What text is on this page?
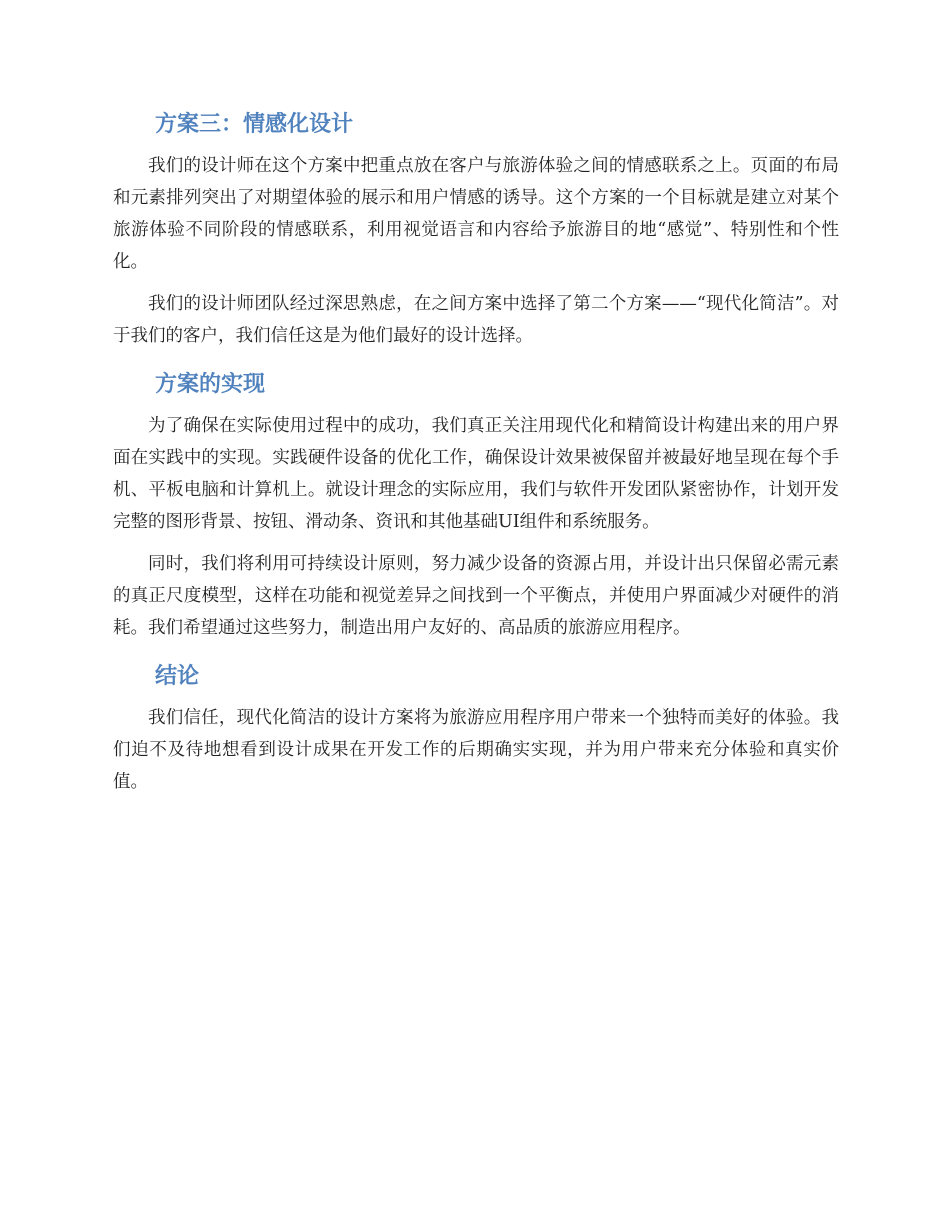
方案三：情感化设计

我们的设计师在这个方案中把重点放在客户与旅游体验之间的情感联系之上。页面的布局和元素排列突出了对期望体验的展示和用户情感的诱导。这个方案的一个目标就是建立对某个旅游体验不同阶段的情感联系，利用视觉语言和内容给予旅游目的地“感觉”、特别性和个性化。

我们的设计师团队经过深思熟虑，在之间方案中选择了第二个方案——“现代化简洁”。对于我们的客户，我们信任这是为他们最好的设计选择。

方案的实现

为了确保在实际使用过程中的成功，我们真正关注用现代化和精简设计构建出来的用户界面在实践中的实现。实践硬件设备的优化工作，确保设计效果被保留并被最好地呈现在每个手机、平板电脑和计算机上。就设计理念的实际应用，我们与软件开发团队紧密协作，计划开发完整的图形背景、按钮、滑动条、资讯和其他基础UI组件和系统服务。

同时，我们将利用可持续设计原则，努力减少设备的资源占用，并设计出只保留必需元素的真正尺度模型，这样在功能和视觉差异之间找到一个平衡点，并使用户界面减少对硬件的消耗。我们希望通过这些努力，制造出用户友好的、高品质的旅游应用程序。

结论

我们信任，现代化简洁的设计方案将为旅游应用程序用户带来一个独特而美好的体验。我们迫不及待地想看到设计成果在开发工作的后期确实实现，并为用户带来充分体验和真实价值。
